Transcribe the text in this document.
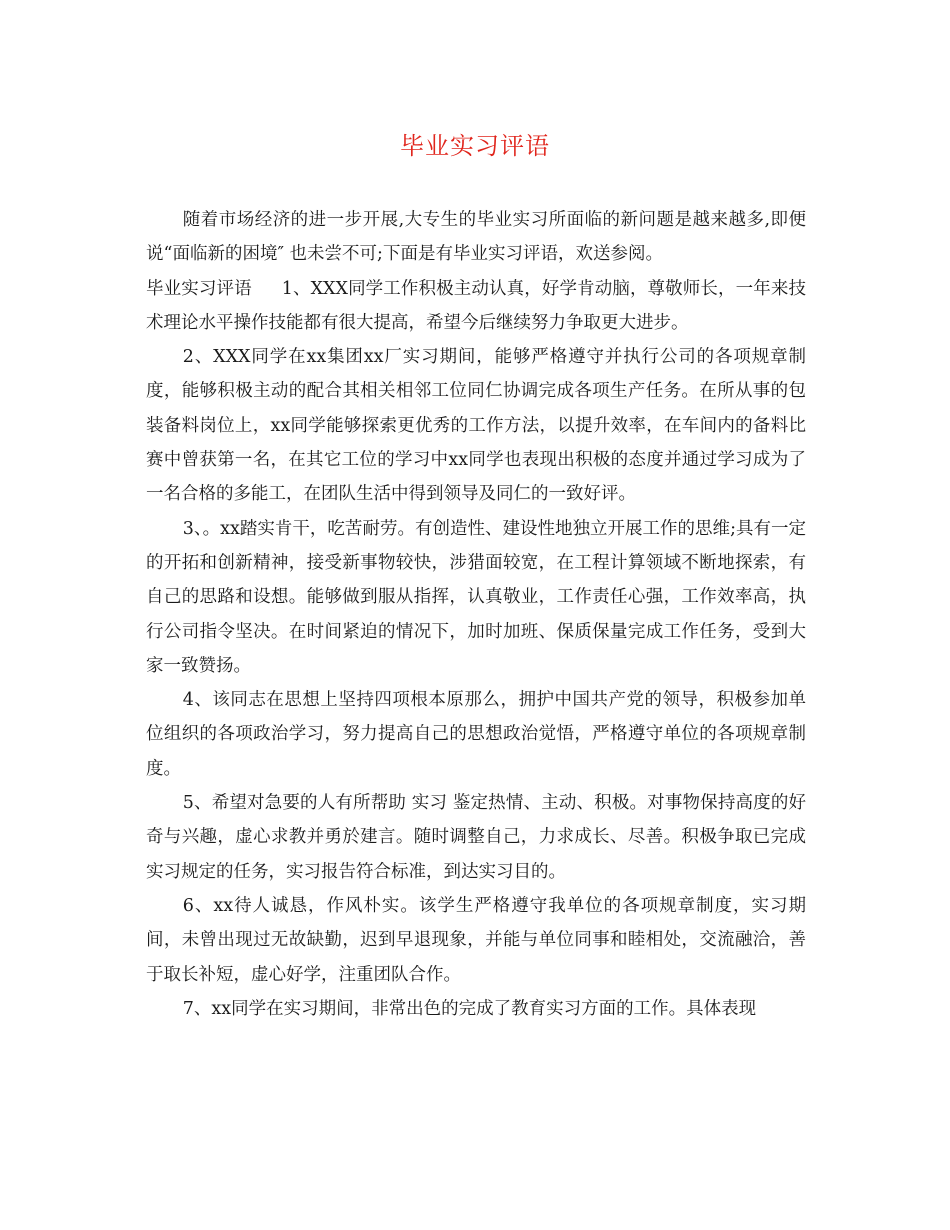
毕业实习评语

随着市场经济的进一步开展,大专生的毕业实习所面临的新问题是越来越多,即便说“面临新的困境″ 也未尝不可;下面是有毕业实习评语，欢送参阅。

毕业实习评语 1、XXX同学工作积极主动认真，好学肯动脑，尊敬师长，一年来技术理论水平操作技能都有很大提高，希望今后继续努力争取更大进步。

2、XXX同学在xx集团xx厂实习期间，能够严格遵守并执行公司的各项规章制度，能够积极主动的配合其相关相邻工位同仁协调完成各项生产任务。在所从事的包装备料岗位上，xx同学能够探索更优秀的工作方法，以提升效率，在车间内的备料比赛中曾获第一名，在其它工位的学习中xx同学也表现出积极的态度并通过学习成为了一名合格的多能工，在团队生活中得到领导及同仁的一致好评。

3、。xx踏实肯干，吃苦耐劳。有创造性、建设性地独立开展工作的思维;具有一定的开拓和创新精神，接受新事物较快，涉猎面较宽，在工程计算领域不断地探索，有自己的思路和设想。能够做到服从指挥，认真敬业，工作责任心强，工作效率高，执行公司指令坚决。在时间紧迫的情况下，加时加班、保质保量完成工作任务，受到大家一致赞扬。

4、该同志在思想上坚持四项根本原那么，拥护中国共产党的领导，积极参加单位组织的各项政治学习，努力提高自己的思想政治觉悟，严格遵守单位的各项规章制度。

5、希望对急要的人有所帮助 实习 鉴定热情、主动、积极。对事物保持高度的好奇与兴趣，虚心求教并勇於建言。随时调整自己，力求成长、尽善。积极争取已完成实习规定的任务，实习报告符合标准，到达实习目的。

6、xx待人诚恳，作风朴实。该学生严格遵守我单位的各项规章制度，实习期间，未曾出现过无故缺勤，迟到早退现象，并能与单位同事和睦相处，交流融洽，善于取长补短，虚心好学，注重团队合作。

7、xx同学在实习期间，非常出色的完成了教育实习方面的工作。具体表现
